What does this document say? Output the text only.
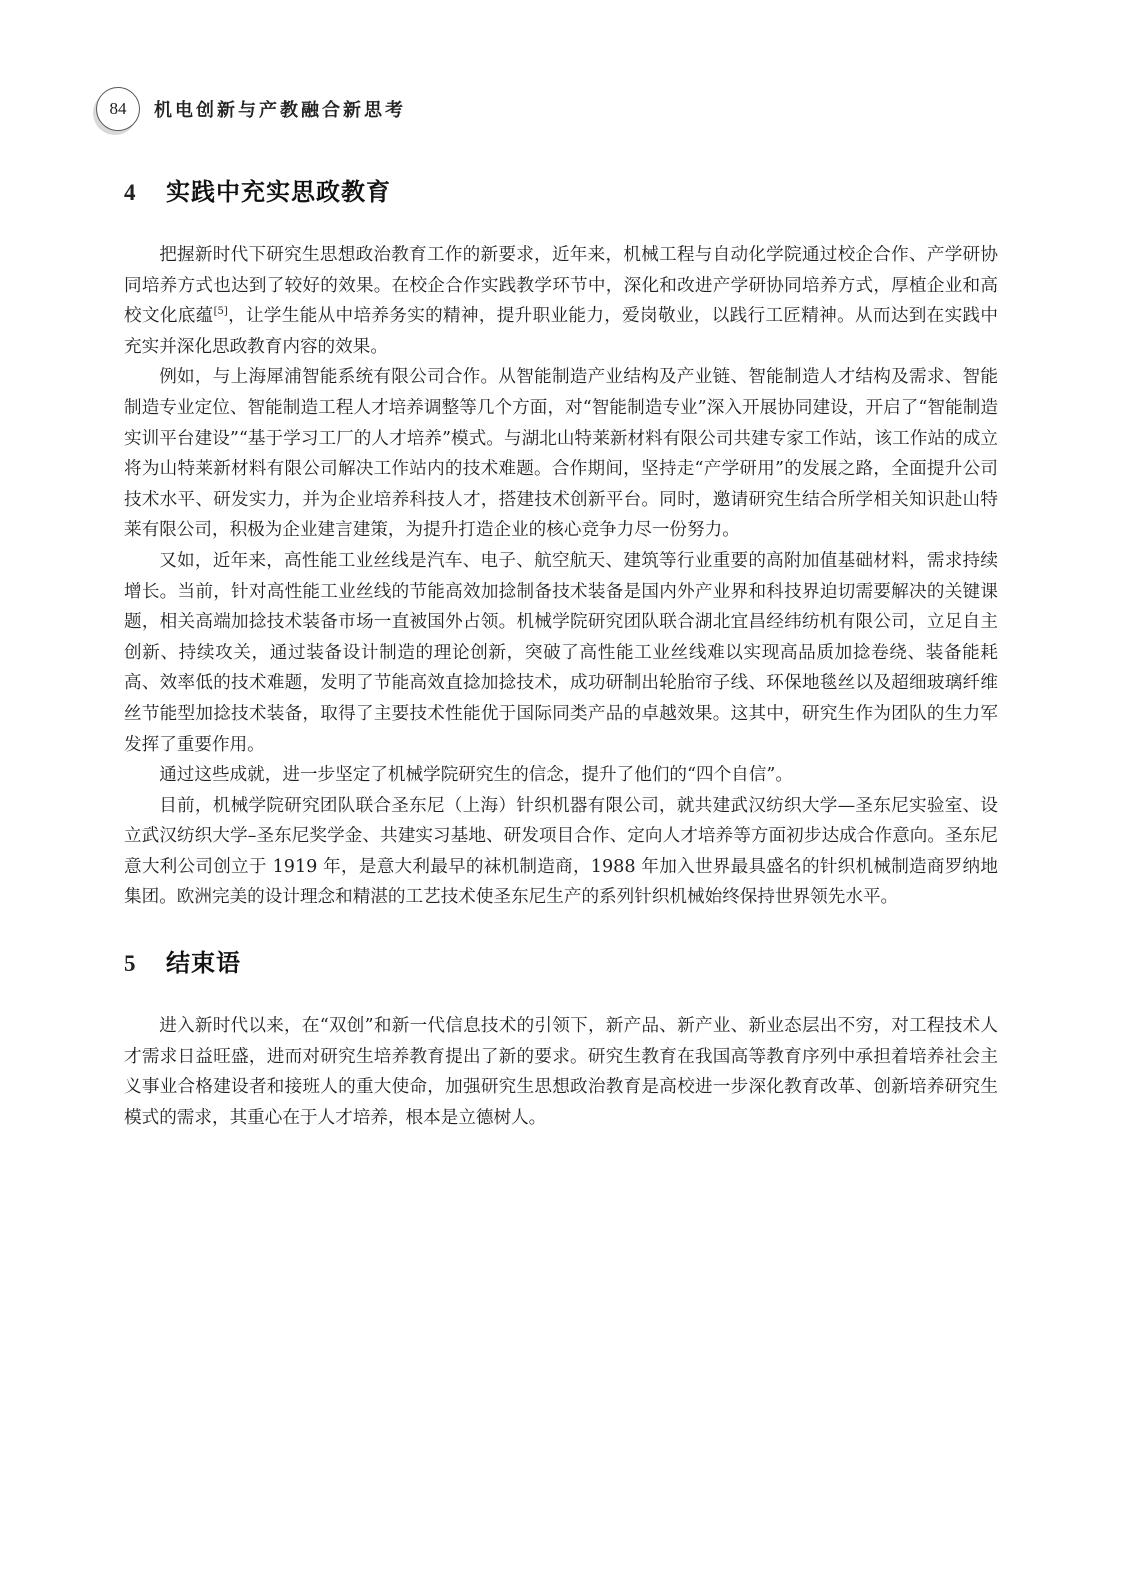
84	机电创新与产教融合新思考
4	实践中充实思政教育

把握新时代下研究生思想政治教育工作的新要求，近年来，机械工程与自动化学院通过校企合作、产学研协同培养方式也达到了较好的效果。在校企合作实践教学环节中，深化和改进产学研协同培养方式，厚植企业和高校文化底蕴[5]，让学生能从中培养务实的精神，提升职业能力，爱岗敬业，以践行工匠精神。从而达到在实践中充实并深化思政教育内容的效果。

例如，与上海犀浦智能系统有限公司合作。从智能制造产业结构及产业链、智能制造人才结构及需求、智能制造专业定位、智能制造工程人才培养调整等几个方面，对“智能制造专业”深入开展协同建设，开启了“智能制造实训平台建设”“基于学习工厂的人才培养”模式。与湖北山特莱新材料有限公司共建专家工作站，该工作站的成立将为山特莱新材料有限公司解决工作站内的技术难题。合作期间，坚持走“产学研用”的发展之路，全面提升公司技术水平、研发实力，并为企业培养科技人才，搭建技术创新平台。同时，邀请研究生结合所学相关知识赴山特莱有限公司，积极为企业建言建策，为提升打造企业的核心竞争力尽一份努力。

又如，近年来，高性能工业丝线是汽车、电子、航空航天、建筑等行业重要的高附加值基础材料，需求持续增长。当前，针对高性能工业丝线的节能高效加捻制备技术装备是国内外产业界和科技界迫切需要解决的关键课题，相关高端加捻技术装备市场一直被国外占领。机械学院研究团队联合湖北宜昌经纬纺机有限公司，立足自主创新、持续攻关，通过装备设计制造的理论创新，突破了高性能工业丝线难以实现高品质加捻卷绕、装备能耗高、效率低的技术难题，发明了节能高效直捻加捻技术，成功研制出轮胎帘子线、环保地毯丝以及超细玻璃纤维丝节能型加捻技术装备，取得了主要技术性能优于国际同类产品的卓越效果。这其中，研究生作为团队的生力军发挥了重要作用。

通过这些成就，进一步坚定了机械学院研究生的信念，提升了他们的“四个自信”。

目前，机械学院研究团队联合圣东尼（上海）针织机器有限公司，就共建武汉纺织大学—圣东尼实验室、设立武汉纺织大学–圣东尼奖学金、共建实习基地、研发项目合作、定向人才培养等方面初步达成合作意向。圣东尼意大利公司创立于 1919 年，是意大利最早的袜机制造商，1988 年加入世界最具盛名的针织机械制造商罗纳地集团。欧洲完美的设计理念和精湛的工艺技术使圣东尼生产的系列针织机械始终保持世界领先水平。

5	结束语

进入新时代以来，在“双创”和新一代信息技术的引领下，新产品、新产业、新业态层出不穷，对工程技术人才需求日益旺盛，进而对研究生培养教育提出了新的要求。研究生教育在我国高等教育序列中承担着培养社会主义事业合格建设者和接班人的重大使命，加强研究生思想政治教育是高校进一步深化教育改革、创新培养研究生模式的需求，其重心在于人才培养，根本是立德树人。
